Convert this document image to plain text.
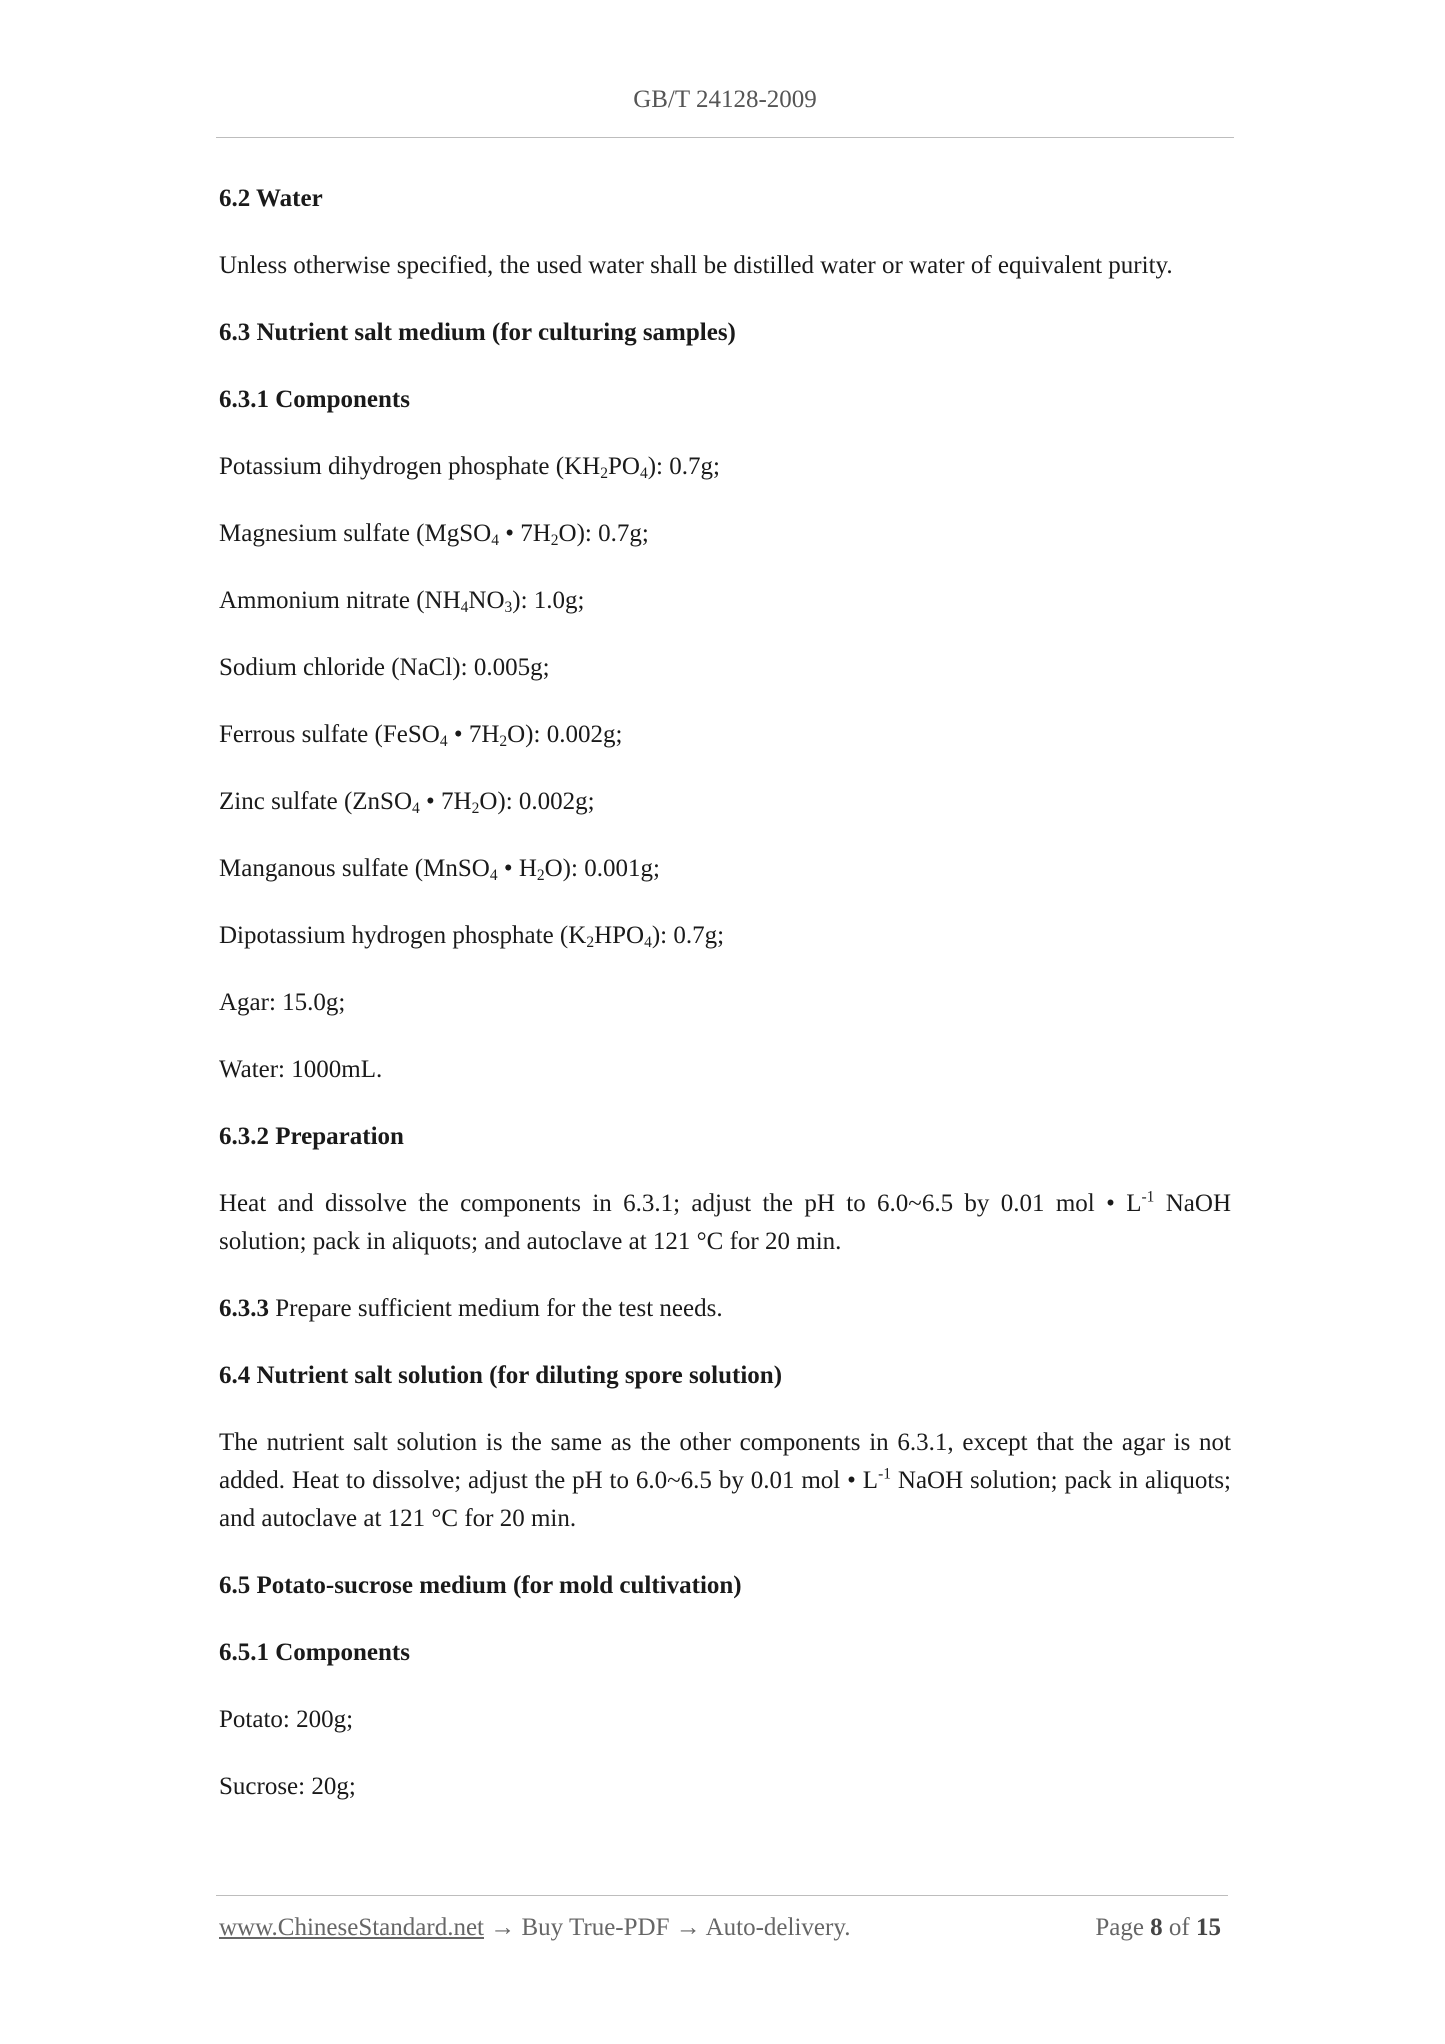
GB/T 24128-2009
6.2 Water

Unless otherwise specified, the used water shall be distilled water or water of equivalent purity.

6.3 Nutrient salt medium (for culturing samples)
6.3.1 Components

Potassium dihydrogen phosphate $(KH_2PO_4)$: 0.7g;

Magnesium sulfate (MgSO$_4$ • $7H_2O$): 0.7g;

Ammonium nitrate $(NH_4NO_3)$: 1.0g;

Sodium chloride (NaCl): 0.005g;

Ferrous sulfate (FeSO$_4$ • $7H_2O$): 0.002g;

Zinc sulfate (ZnSO$_4$ • $7H_2O$): 0.002g;

Manganous sulfate (MnSO$_4$ • $H_2O$): 0.001g;

Dipotassium hydrogen phosphate $(K_2HPO_4)$: 0.7g;

Agar: 15.0g;

Water: 1000mL.

6.3.2 Preparation

Heat and dissolve the components in 6.3.1; adjust the pH to 6.0~6.5 by 0.01 mol • $L^{-1}$ NaOH solution; pack in aliquots; and autoclave at 121 °C for 20 min.

6.3.3 Prepare sufficient medium for the test needs.

6.4 Nutrient salt solution (for diluting spore solution)

The nutrient salt solution is the same as the other components in 6.3.1, except that the agar is not added. Heat to dissolve; adjust the pH to 6.0~6.5 by 0.01 mol • $L^{-1}$ NaOH solution; pack in aliquots; and autoclave at 121 °C for 20 min.

6.5 Potato-sucrose medium (for mold cultivation)
6.5.1 Components

Potato: 200g;

Sucrose: 20g;

www.ChineseStandard.net → Buy True-PDF → Auto-delivery.	Page 8 of 15
